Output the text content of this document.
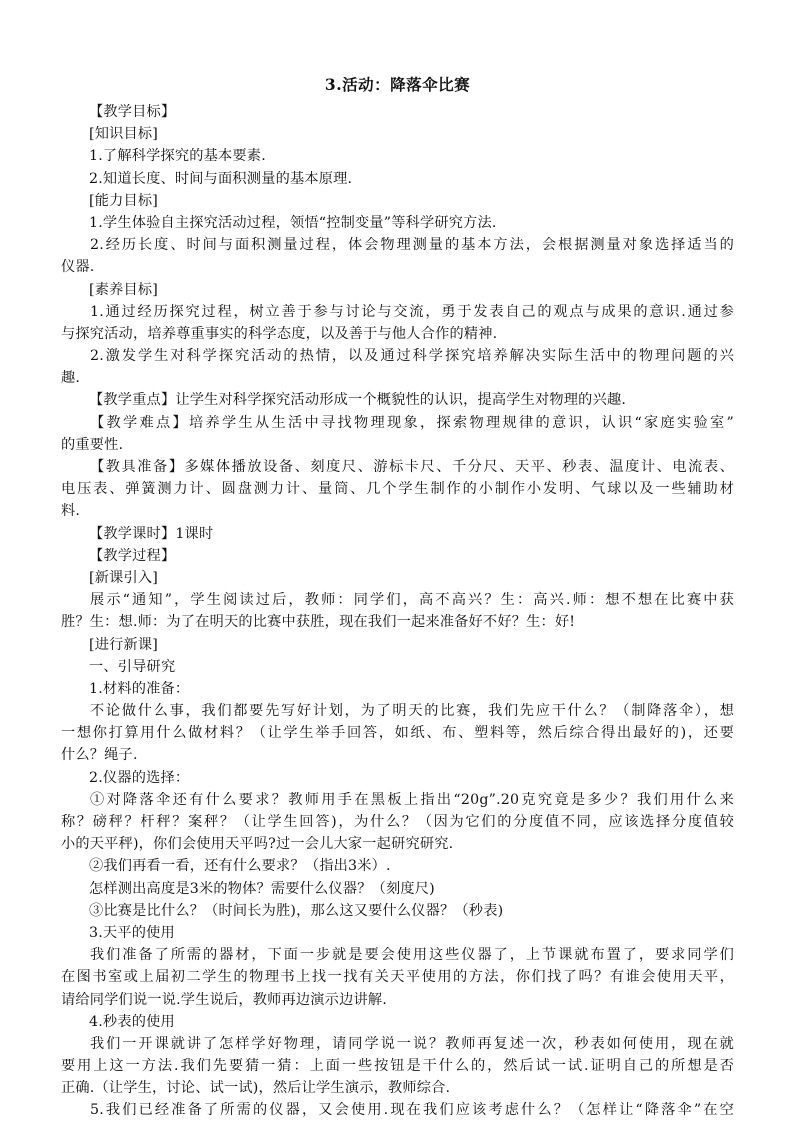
3.活动：降落伞比赛
【教学目标】
[知识目标]
1.了解科学探究的基本要素.
2.知道长度、时间与面积测量的基本原理.
[能力目标]
1.学生体验自主探究活动过程，领悟“控制变量”等科学研究方法.
2.经历长度、时间与面积测量过程，体会物理测量的基本方法，会根据测量对象选择适当的
仪器.
[素养目标]
1.通过经历探究过程，树立善于参与讨论与交流，勇于发表自己的观点与成果的意识.通过参
与探究活动，培养尊重事实的科学态度，以及善于与他人合作的精神.
2.激发学生对科学探究活动的热情，以及通过科学探究培养解决实际生活中的物理问题的兴
趣.
【教学重点】让学生对科学探究活动形成一个概貌性的认识，提高学生对物理的兴趣.
【教学难点】培养学生从生活中寻找物理现象，探索物理规律的意识，认识“家庭实验室”
的重要性.
【教具准备】多媒体播放设备、刻度尺、游标卡尺、千分尺、天平、秒表、温度计、电流表、
电压表、弹簧测力计、圆盘测力计、量筒、几个学生制作的小制作小发明、气球以及一些辅助材
料.
【教学课时】1课时
【教学过程】
[新课引入]
展示“通知”，学生阅读过后，教师：同学们，高不高兴？生：高兴.师：想不想在比赛中获
胜？生：想.师：为了在明天的比赛中获胜，现在我们一起来准备好不好？生：好!
[进行新课]
一、引导研究
1.材料的准备：
不论做什么事，我们都要先写好计划，为了明天的比赛，我们先应干什么？（制降落伞），想
一想你打算用什么做材料？（让学生举手回答，如纸、布、塑料等，然后综合得出最好的)，还要
什么？绳子.
2.仪器的选择：
①对降落伞还有什么要求？教师用手在黑板上指出“20g”.20克究竟是多少？我们用什么来
称？磅秤？杆秤？案秤？（让学生回答)，为什么？（因为它们的分度值不同，应该选择分度值较
小的天平秤)，你们会使用天平吗?过一会儿大家一起研究研究.
②我们再看一看，还有什么要求？（指出3米）.
怎样测出高度是3米的物体？需要什么仪器？（刻度尺)
③比赛是比什么？（时间长为胜)，那么这又要什么仪器？（秒表)
3.天平的使用
我们准备了所需的器材，下面一步就是要会使用这些仪器了，上节课就布置了，要求同学们
在图书室或上届初二学生的物理书上找一找有关天平使用的方法，你们找了吗？有谁会使用天平，
请给同学们说一说.学生说后，教师再边演示边讲解.
4.秒表的使用
我们一开课就讲了怎样学好物理，请同学说一说？教师再复述一次，秒表如何使用，现在就
要用上这一方法.我们先要猜一猜：上面一些按钮是干什么的，然后试一试.证明自己的所想是否
正确.（让学生，讨论、试一试)，然后让学生演示，教师综合.
5.我们已经准备了所需的仪器，又会使用.现在我们应该考虑什么？（怎样让“降落伞”在空
